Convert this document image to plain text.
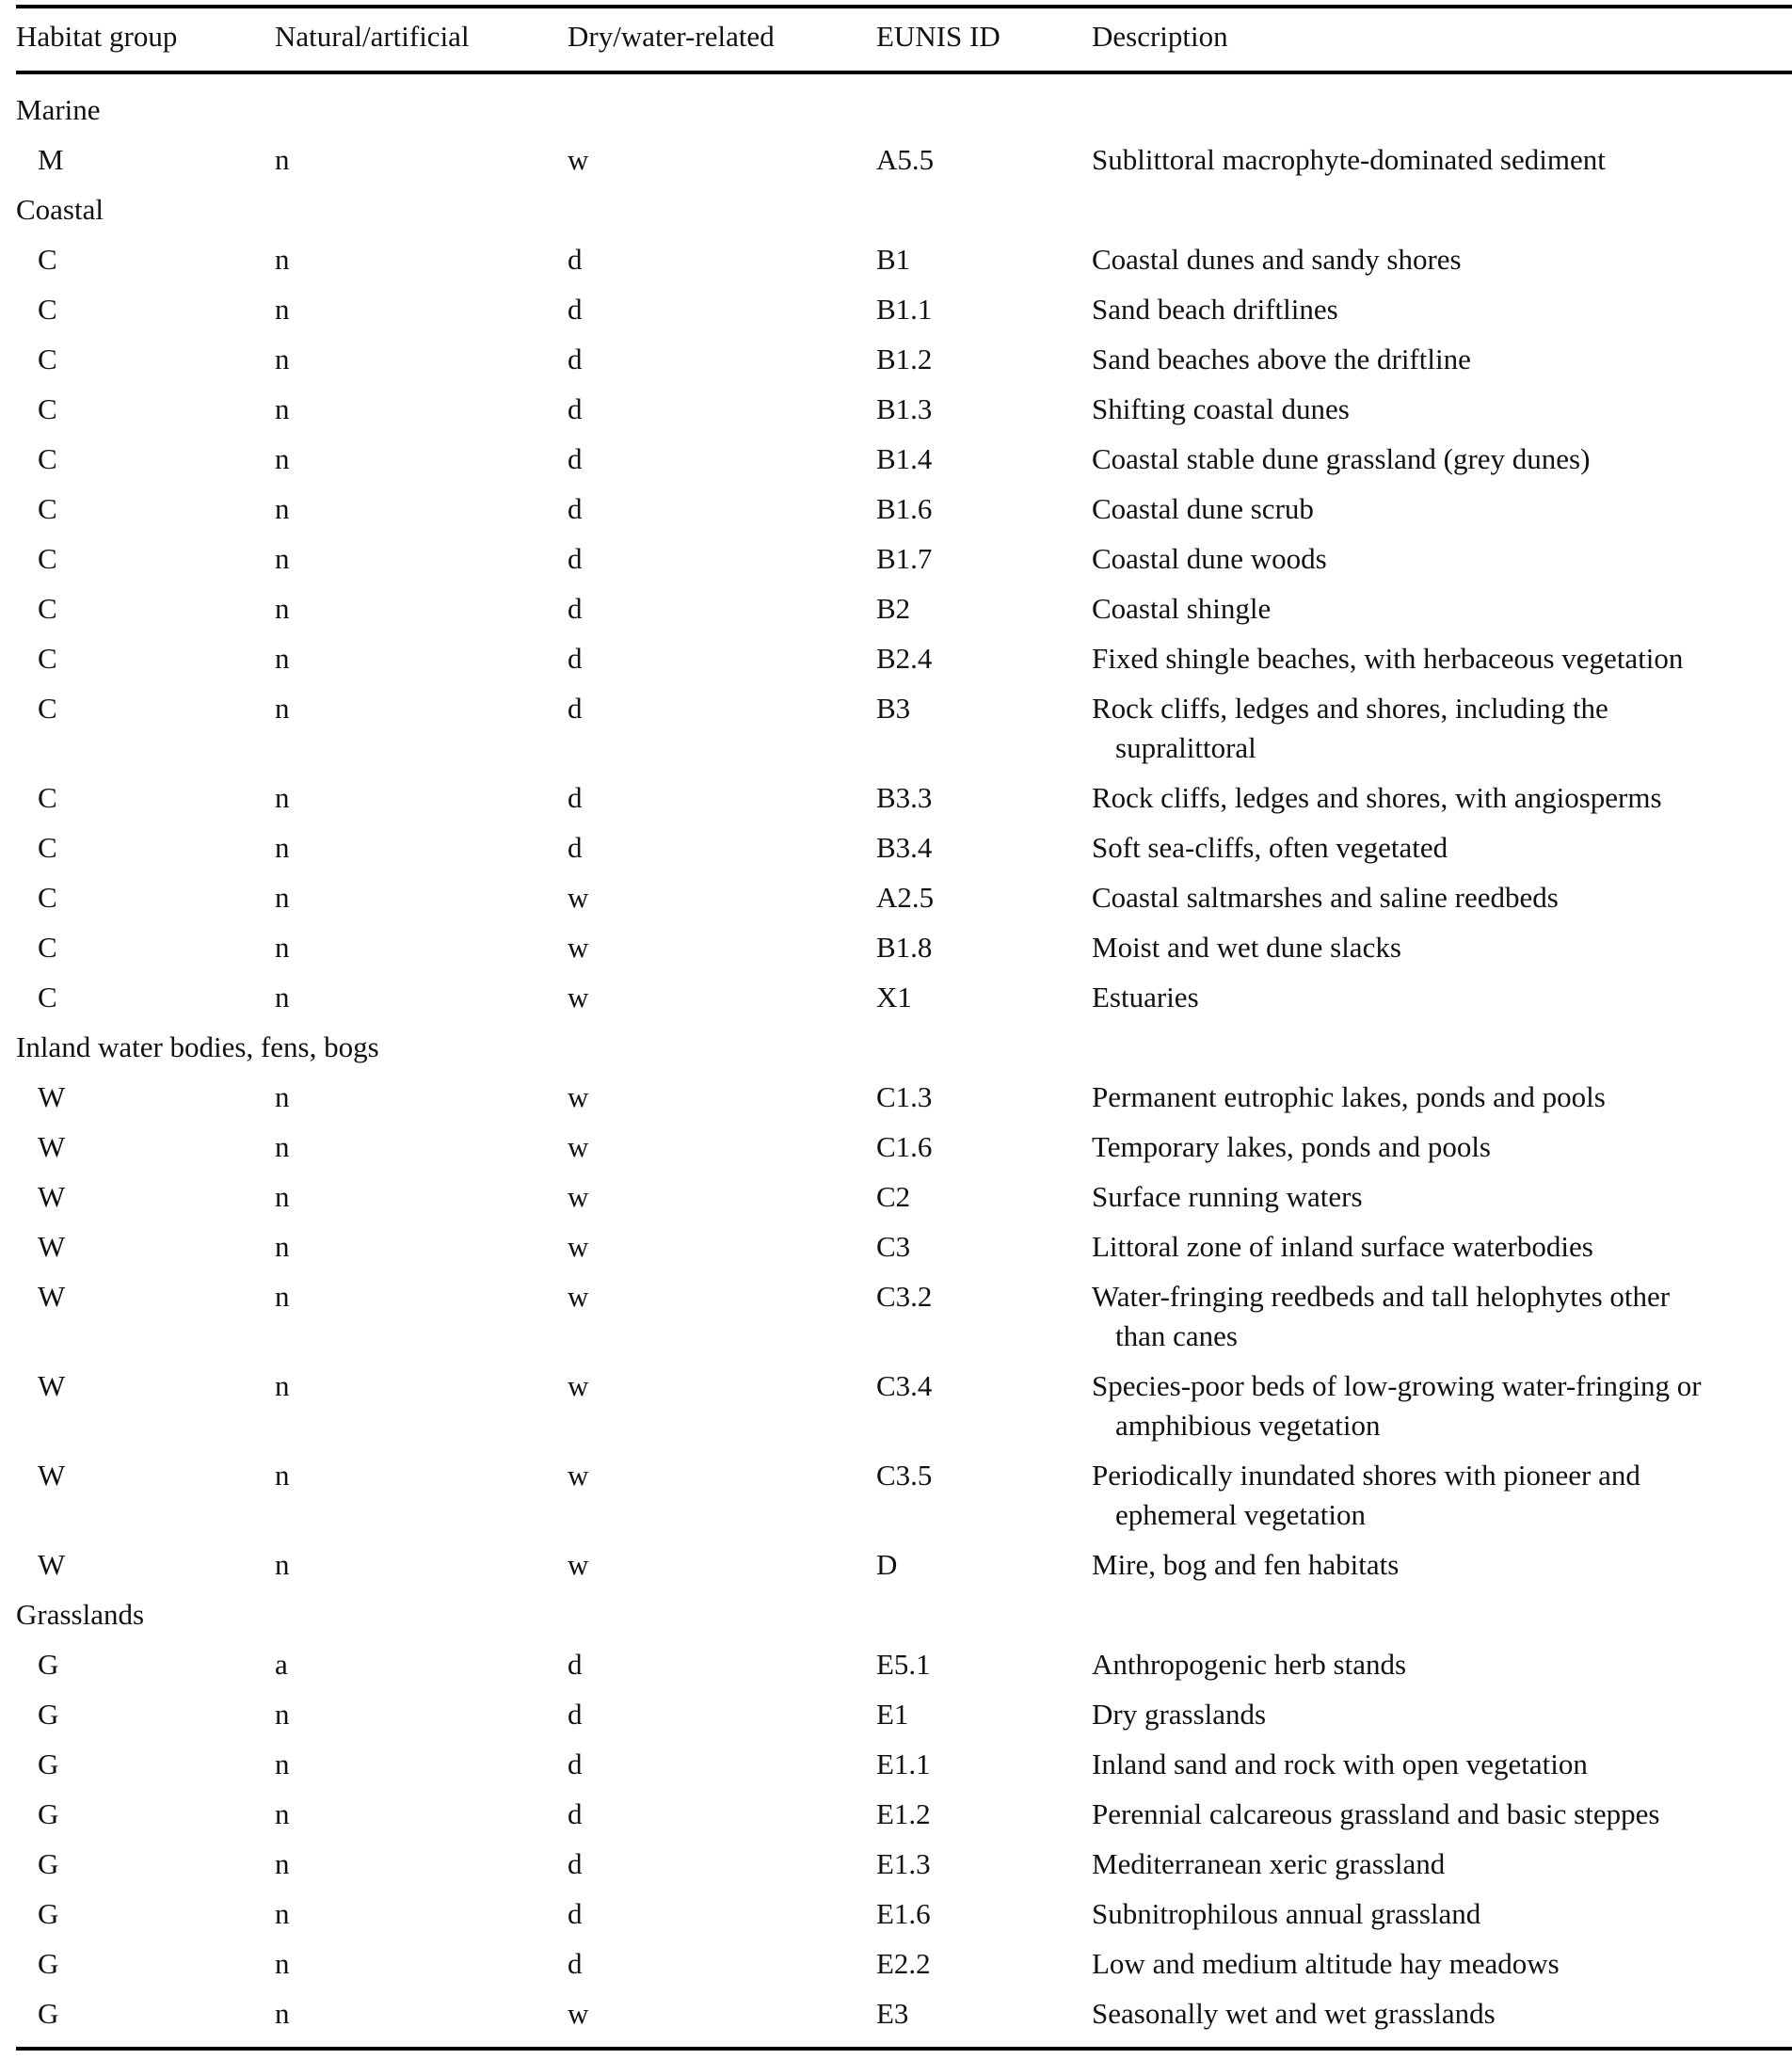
Habitat group	Natural/artificial	Dry/water-related	EUNIS ID	Description
Marine
M	n	w	A5.5	Sublittoral macrophyte-dominated sediment
Coastal
C	n	d	B1	Coastal dunes and sandy shores
C	n	d	B1.1	Sand beach driftlines
C	n	d	B1.2	Sand beaches above the driftline
C	n	d	B1.3	Shifting coastal dunes
C	n	d	B1.4	Coastal stable dune grassland (grey dunes)
C	n	d	B1.6	Coastal dune scrub
C	n	d	B1.7	Coastal dune woods
C	n	d	B2	Coastal shingle
C	n	d	B2.4	Fixed shingle beaches, with herbaceous vegetation
C	n	d	B3	Rock cliffs, ledges and shores, including the
supralittoral
C	n	d	B3.3	Rock cliffs, ledges and shores, with angiosperms
C	n	d	B3.4	Soft sea-cliffs, often vegetated
C	n	w	A2.5	Coastal saltmarshes and saline reedbeds
C	n	w	B1.8	Moist and wet dune slacks
C	n	w	X1	Estuaries
Inland water bodies, fens, bogs
W	n	w	C1.3	Permanent eutrophic lakes, ponds and pools
W	n	w	C1.6	Temporary lakes, ponds and pools
W	n	w	C2	Surface running waters
W	n	w	C3	Littoral zone of inland surface waterbodies
W	n	w	C3.2	Water-fringing reedbeds and tall helophytes other
than canes
W	n	w	C3.4	Species-poor beds of low-growing water-fringing or
amphibious vegetation
W	n	w	C3.5	Periodically inundated shores with pioneer and
ephemeral vegetation
W	n	w	D	Mire, bog and fen habitats
Grasslands
G	a	d	E5.1	Anthropogenic herb stands
G	n	d	E1	Dry grasslands
G	n	d	E1.1	Inland sand and rock with open vegetation
G	n	d	E1.2	Perennial calcareous grassland and basic steppes
G	n	d	E1.3	Mediterranean xeric grassland
G	n	d	E1.6	Subnitrophilous annual grassland
G	n	d	E2.2	Low and medium altitude hay meadows
G	n	w	E3	Seasonally wet and wet grasslands
